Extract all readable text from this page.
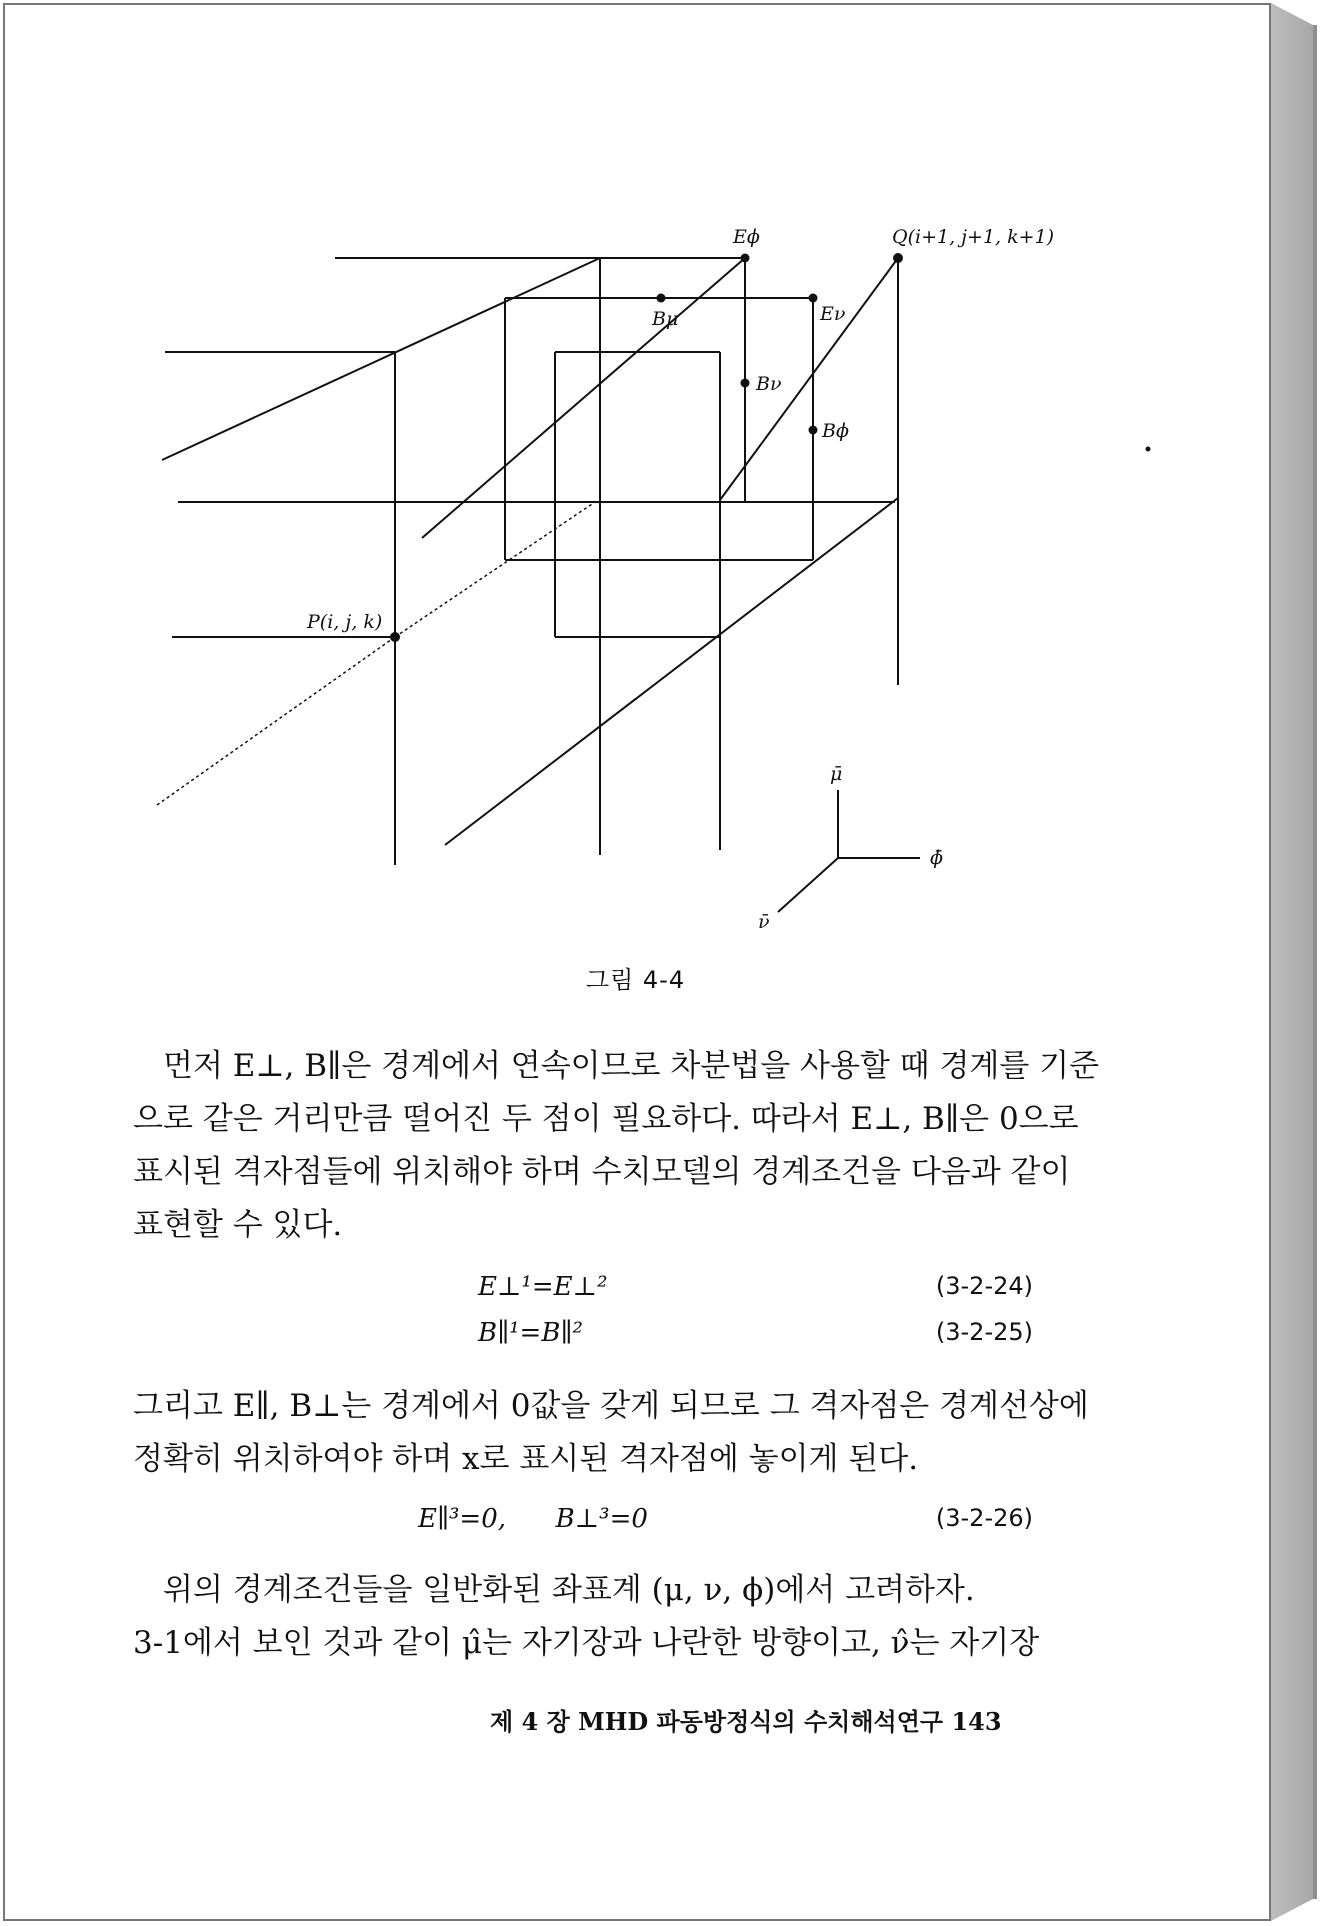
P(i, j, k)
Q(i+1, j+1, k+1)
Eϕ
Bμ	Eν
Bν
Bϕ
μ̄
ϕ̄
ν̄
그림 4-4
먼저 E⊥, B∥은 경계에서 연속이므로 차분법을 사용할 때 경계를 기준
으로 같은 거리만큼 떨어진 두 점이 필요하다. 따라서 E⊥, B∥은 0으로
표시된 격자점들에 위치해야 하며 수치모델의 경계조건을 다음과 같이
표현할 수 있다.
E⊥¹=E⊥²	(3-2-24)
B∥¹=B∥²	(3-2-25)
그리고 E∥, B⊥는 경계에서 0값을 갖게 되므로 그 격자점은 경계선상에
정확히 위치하여야 하며 x로 표시된 격자점에 놓이게 된다.
E∥³=0,      B⊥³=0	(3-2-26)
위의 경계조건들을 일반화된 좌표계 (μ, ν, ϕ)에서 고려하자.
3-1에서 보인 것과 같이 μ̂는 자기장과 나란한 방향이고, ν̂는 자기장
제 4 장 MHD 파동방정식의 수치해석연구 143
